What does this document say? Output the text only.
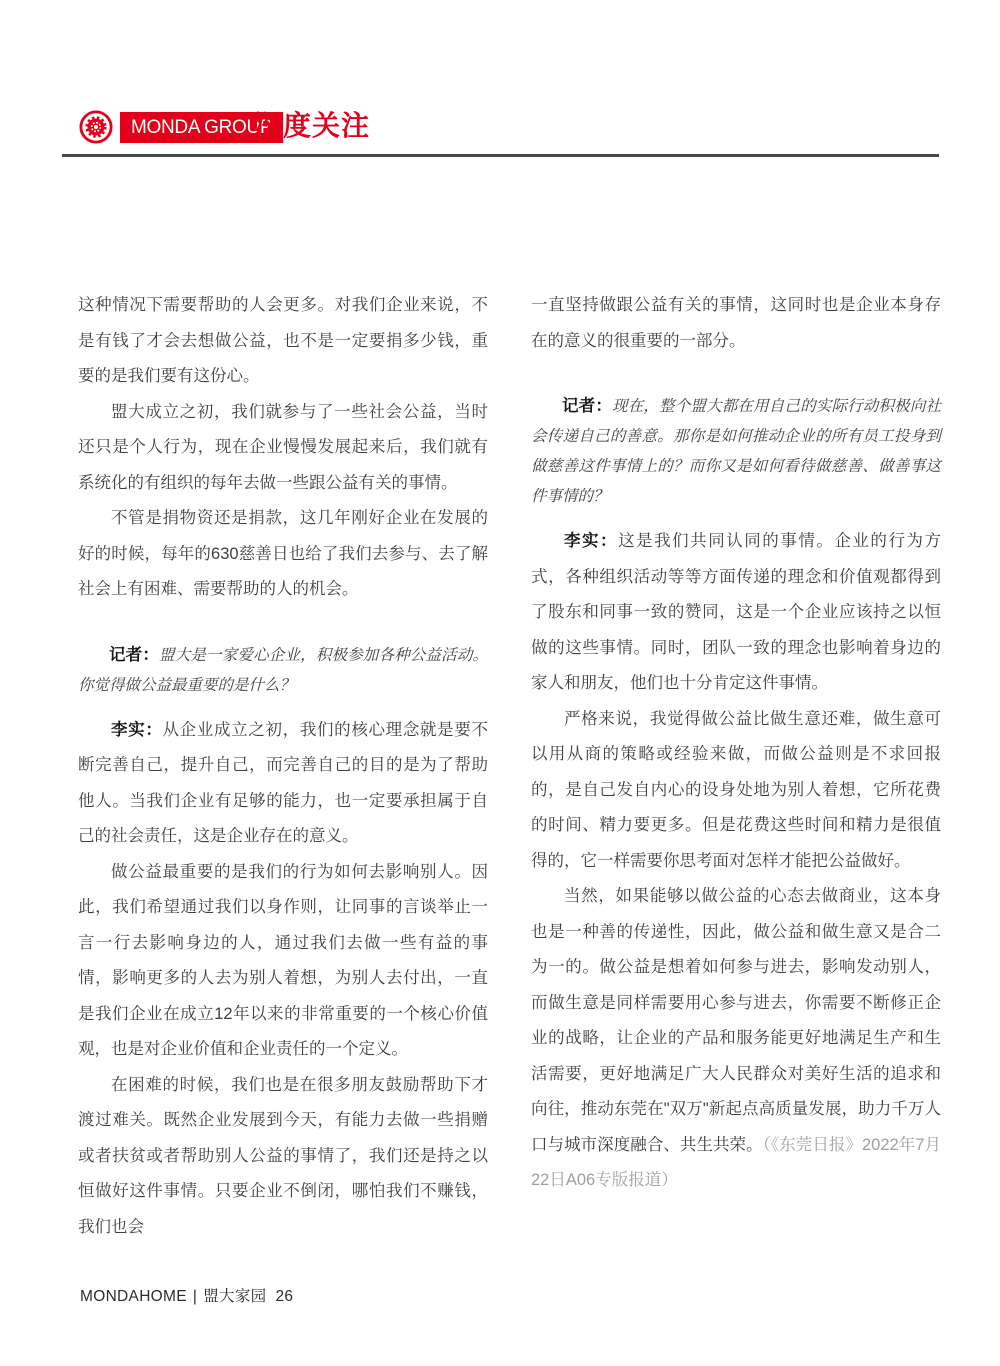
MONDA GROUP
深度关注

这种情况下需要帮助的人会更多。对我们企业来说，不是有钱了才会去想做公益，也不是一定要捐多少钱，重要的是我们要有这份心。

盟大成立之初，我们就参与了一些社会公益，当时还只是个人行为，现在企业慢慢发展起来后，我们就有系统化的有组织的每年去做一些跟公益有关的事情。

不管是捐物资还是捐款，这几年刚好企业在发展的好的时候，每年的630慈善日也给了我们去参与、去了解社会上有困难、需要帮助的人的机会。

记者：盟大是一家爱心企业，积极参加各种公益活动。你觉得做公益最重要的是什么？

李实：从企业成立之初，我们的核心理念就是要不断完善自己，提升自己，而完善自己的目的是为了帮助他人。当我们企业有足够的能力，也一定要承担属于自己的社会责任，这是企业存在的意义。

做公益最重要的是我们的行为如何去影响别人。因此，我们希望通过我们以身作则，让同事的言谈举止一言一行去影响身边的人，通过我们去做一些有益的事情，影响更多的人去为别人着想，为别人去付出，一直是我们企业在成立12年以来的非常重要的一个核心价值观，也是对企业价值和企业责任的一个定义。

在困难的时候，我们也是在很多朋友鼓励帮助下才渡过难关。既然企业发展到今天，有能力去做一些捐赠或者扶贫或者帮助别人公益的事情了，我们还是持之以恒做好这件事情。只要企业不倒闭，哪怕我们不赚钱，我们也会

一直坚持做跟公益有关的事情，这同时也是企业本身存在的意义的很重要的一部分。

记者：现在，整个盟大都在用自己的实际行动积极向社会传递自己的善意。那你是如何推动企业的所有员工投身到做慈善这件事情上的？而你又是如何看待做慈善、做善事这件事情的？

李实：这是我们共同认同的事情。企业的行为方式，各种组织活动等等方面传递的理念和价值观都得到了股东和同事一致的赞同，这是一个企业应该持之以恒做的这些事情。同时，团队一致的理念也影响着身边的家人和朋友，他们也十分肯定这件事情。

严格来说，我觉得做公益比做生意还难，做生意可以用从商的策略或经验来做，而做公益则是不求回报的，是自己发自内心的设身处地为别人着想，它所花费的时间、精力要更多。但是花费这些时间和精力是很值得的，它一样需要你思考面对怎样才能把公益做好。

当然，如果能够以做公益的心态去做商业，这本身也是一种善的传递性，因此，做公益和做生意又是合二为一的。做公益是想着如何参与进去，影响发动别人，而做生意是同样需要用心参与进去，你需要不断修正企业的战略，让企业的产品和服务能更好地满足生产和生活需要，更好地满足广大人民群众对美好生活的追求和向往，推动东莞在"双万"新起点高质量发展，助力千万人口与城市深度融合、共生共荣。（《东莞日报》2022年7月22日A06专版报道）

MONDAHOME | 盟大家园 26
